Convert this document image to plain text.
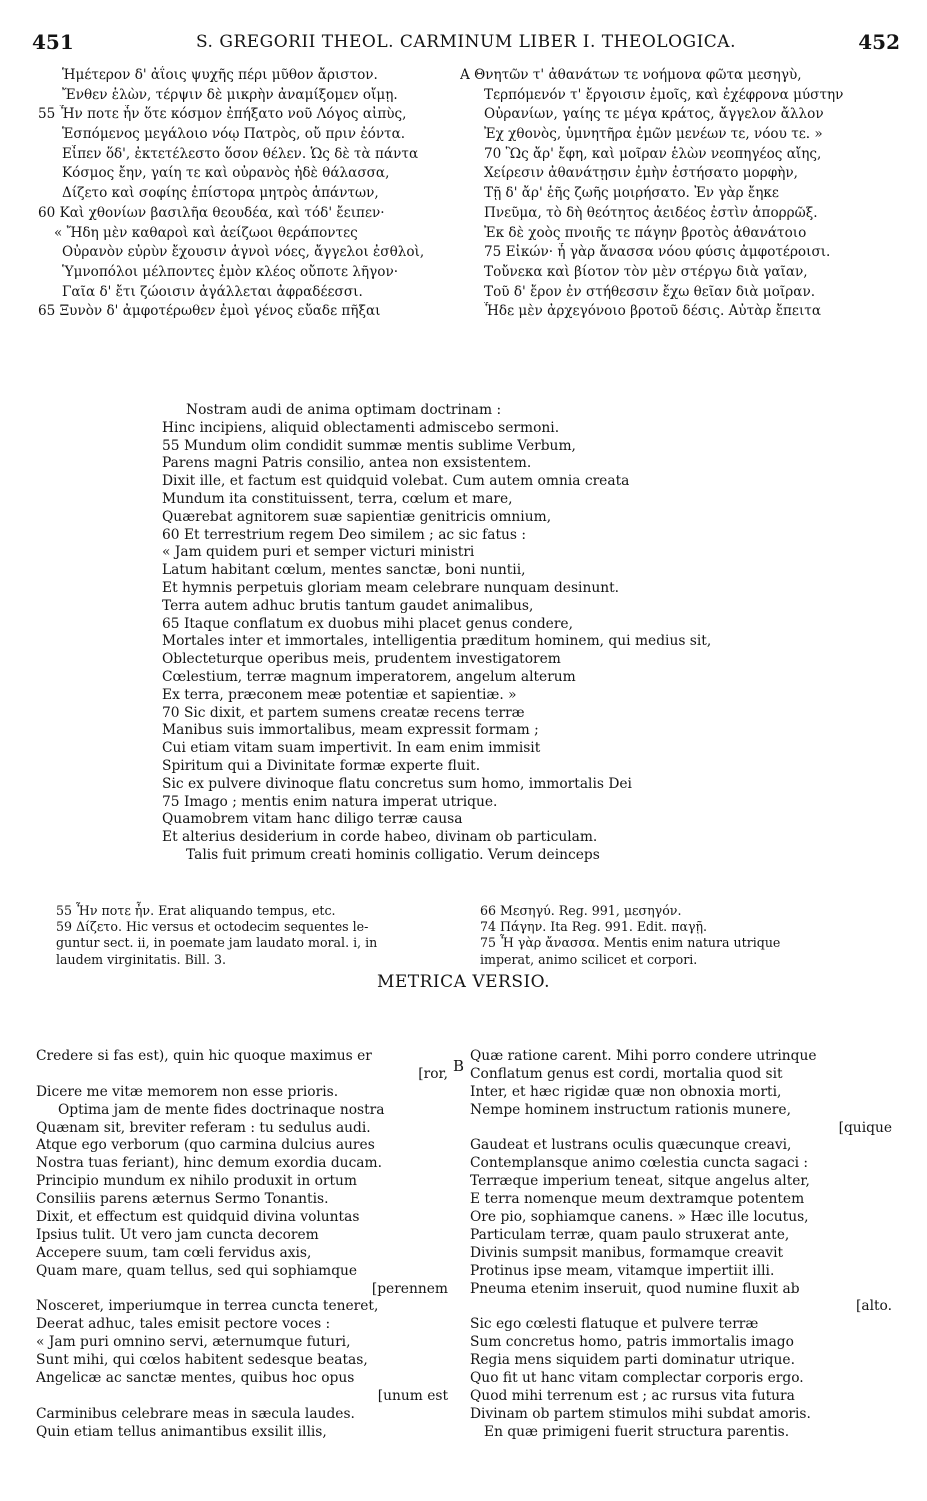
451	S. GREGORII THEOL. CARMINUM LIBER I. THEOLOGICA.	452
Ἡμέτερον δ' ἀΐοις ψυχῆς πέρι μῦθον ἄριστον.
Ἔνθεν ἑλὼν, τέρψιν δὲ μικρὴν ἀναμίξομεν οἴμῃ.
55 Ἦν ποτε ἦν ὅτε κόσμον ἐπήξατο νοῦ Λόγος αἰπὺς,
Ἑσπόμενος μεγάλοιο νόῳ Πατρὸς, οὔ πριν ἐόντα.
Εἶπεν ὅδ', ἐκτετέλεστο ὅσον θέλεν. Ὡς δὲ τὰ πάντα
Κόσμος ἔην, γαίη τε καὶ οὐρανὸς ἠδὲ θάλασσα,
Δίζετο καὶ σοφίης ἐπίστορα μητρὸς ἁπάντων,
60 Καὶ χθονίων βασιλῆα θεουδέα, καὶ τόδ' ἔειπεν·
« Ἤδη μὲν καθαροὶ καὶ ἀείζωοι θεράποντες
Οὐρανὸν εὐρὺν ἔχουσιν ἁγνοὶ νόες, ἄγγελοι ἐσθλοὶ,
Ὑμνοπόλοι μέλποντες ἐμὸν κλέος οὔποτε λῆγον·
Γαῖα δ' ἔτι ζώοισιν ἀγάλλεται ἀφραδέεσσι.
65 Ξυνὸν δ' ἀμφοτέρωθεν ἐμοὶ γένος εὔαδε πῆξαι
A Θνητῶν τ' ἀθανάτων τε νοήμονα φῶτα μεσηγὺ,
Τερπόμενόν τ' ἔργοισιν ἐμοῖς, καὶ ἐχέφρονα μύστην
Οὐρανίων, γαίης τε μέγα κράτος, ἄγγελον ἄλλον
Ἐχ χθονὸς, ὑμνητῆρα ἐμῶν μενέων τε, νόου τε. »
70 Ὣς ἄρ' ἔφη, καὶ μοῖραν ἑλὼν νεοπηγέος αἴης,
Χείρεσιν ἀθανάτῃσιν ἐμὴν ἐστήσατο μορφὴν,
Τῇ δ' ἄρ' ἑῆς ζωῆς μοιρήσατο. Ἐν γὰρ ἔηκε
Πνεῦμα, τὸ δὴ θεότητος ἀειδέος ἐστὶν ἀπορρῶξ.
Ἐκ δὲ χοὸς πνοιῆς τε πάγην βροτὸς ἀθανάτοιο
75 Εἰκών· ἦ γὰρ ἄνασσα νόου φύσις ἀμφοτέροισι.
Τοὔνεκα καὶ βίοτον τὸν μὲν στέργω διὰ γαῖαν,
Τοῦ δ' ἔρον ἐν στήθεσσιν ἔχω θεῖαν διὰ μοῖραν.
Ἧδε μὲν ἀρχεγόνοιο βροτοῦ δέσις. Αὐτὰρ ἔπειτα
Nostram audi de anima optimam doctrinam :
Hinc incipiens, aliquid oblectamenti admiscebo sermoni.
55 Mundum olim condidit summæ mentis sublime Verbum,
Parens magni Patris consilio, antea non exsistentem.
Dixit ille, et factum est quidquid volebat. Cum autem omnia creata
Mundum ita constituissent, terra, cœlum et mare,
Quærebat agnitorem suæ sapientiæ genitricis omnium,
60 Et terrestrium regem Deo similem ; ac sic fatus :
« Jam quidem puri et semper victuri ministri
Latum habitant cœlum, mentes sanctæ, boni nuntii,
Et hymnis perpetuis gloriam meam celebrare nunquam desinunt.
Terra autem adhuc brutis tantum gaudet animalibus,
65 Itaque conflatum ex duobus mihi placet genus condere,
Mortales inter et immortales, intelligentia præditum hominem, qui medius sit,
Oblecteturque operibus meis, prudentem investigatorem
Cœlestium, terræ magnum imperatorem, angelum alterum
Ex terra, præconem meæ potentiæ et sapientiæ. »
70 Sic dixit, et partem sumens creatæ recens terræ
Manibus suis immortalibus, meam expressit formam ;
Cui etiam vitam suam impertivit. In eam enim immisit
Spiritum qui a Divinitate formæ experte fluit.
Sic ex pulvere divinoque flatu concretus sum homo, immortalis Dei
75 Imago ; mentis enim natura imperat utrique.
Quamobrem vitam hanc diligo terræ causa
Et alterius desiderium in corde habeo, divinam ob particulam.
Talis fuit primum creati hominis colligatio. Verum deinceps
55 Ἦν ποτε ἦν. Erat aliquando tempus, etc.
59 Δίζετο. Hic versus et octodecim sequentes le-
guntur sect. ii, in poemate jam laudato moral. i, in
laudem virginitatis. Bill. 3.
66 Μεσηγύ. Reg. 991, μεσηγόν.
74 Πάγην. Ita Reg. 991. Edit. παγῇ.
75 Ἦ γὰρ ἄνασσα. Mentis enim natura utrique
imperat, animo scilicet et corpori.
METRICA VERSIO.
Credere si fas est), quin hic quoque maximus er
[ror,
Dicere me vitæ memorem non esse prioris.
Optima jam de mente fides doctrinaque nostra
Quænam sit, breviter referam : tu sedulus audi.
Atque ego verborum (quo carmina dulcius aures
Nostra tuas feriant), hinc demum exordia ducam.
Principio mundum ex nihilo produxit in ortum
Consiliis parens æternus Sermo Tonantis.
Dixit, et effectum est quidquid divina voluntas
Ipsius tulit. Ut vero jam cuncta decorem
Accepere suum, tam cœli fervidus axis,
Quam mare, quam tellus, sed qui sophiamque
[perennem
Nosceret, imperiumque in terrea cuncta teneret,
Deerat adhuc, tales emisit pectore voces :
« Jam puri omnino servi, æternumque futuri,
Sunt mihi, qui cœlos habitent sedesque beatas,
Angelicæ ac sanctæ mentes, quibus hoc opus
[unum est
Carminibus celebrare meas in sæcula laudes.
Quin etiam tellus animantibus exsilit illis,
B
Quæ ratione carent. Mihi porro condere utrinque
Conflatum genus est cordi, mortalia quod sit
Inter, et hæc rigidæ quæ non obnoxia morti,
Nempe hominem instructum rationis munere,
[quique
Gaudeat et lustrans oculis quæcunque creavi,
Contemplansque animo cœlestia cuncta sagaci :
Terræque imperium teneat, sitque angelus alter,
E terra nomenque meum dextramque potentem
Ore pio, sophiamque canens. » Hæc ille locutus,
Particulam terræ, quam paulo struxerat ante,
Divinis sumpsit manibus, formamque creavit
Protinus ipse meam, vitamque impertiit illi.
Pneuma etenim inseruit, quod numine fluxit ab
[alto.
Sic ego cœlesti flatuque et pulvere terræ
Sum concretus homo, patris immortalis imago
Regia mens siquidem parti dominatur utrique.
Quo fit ut hanc vitam complectar corporis ergo.
Quod mihi terrenum est ; ac rursus vita futura
Divinam ob partem stimulos mihi subdat amoris.
En quæ primigeni fuerit structura parentis.
